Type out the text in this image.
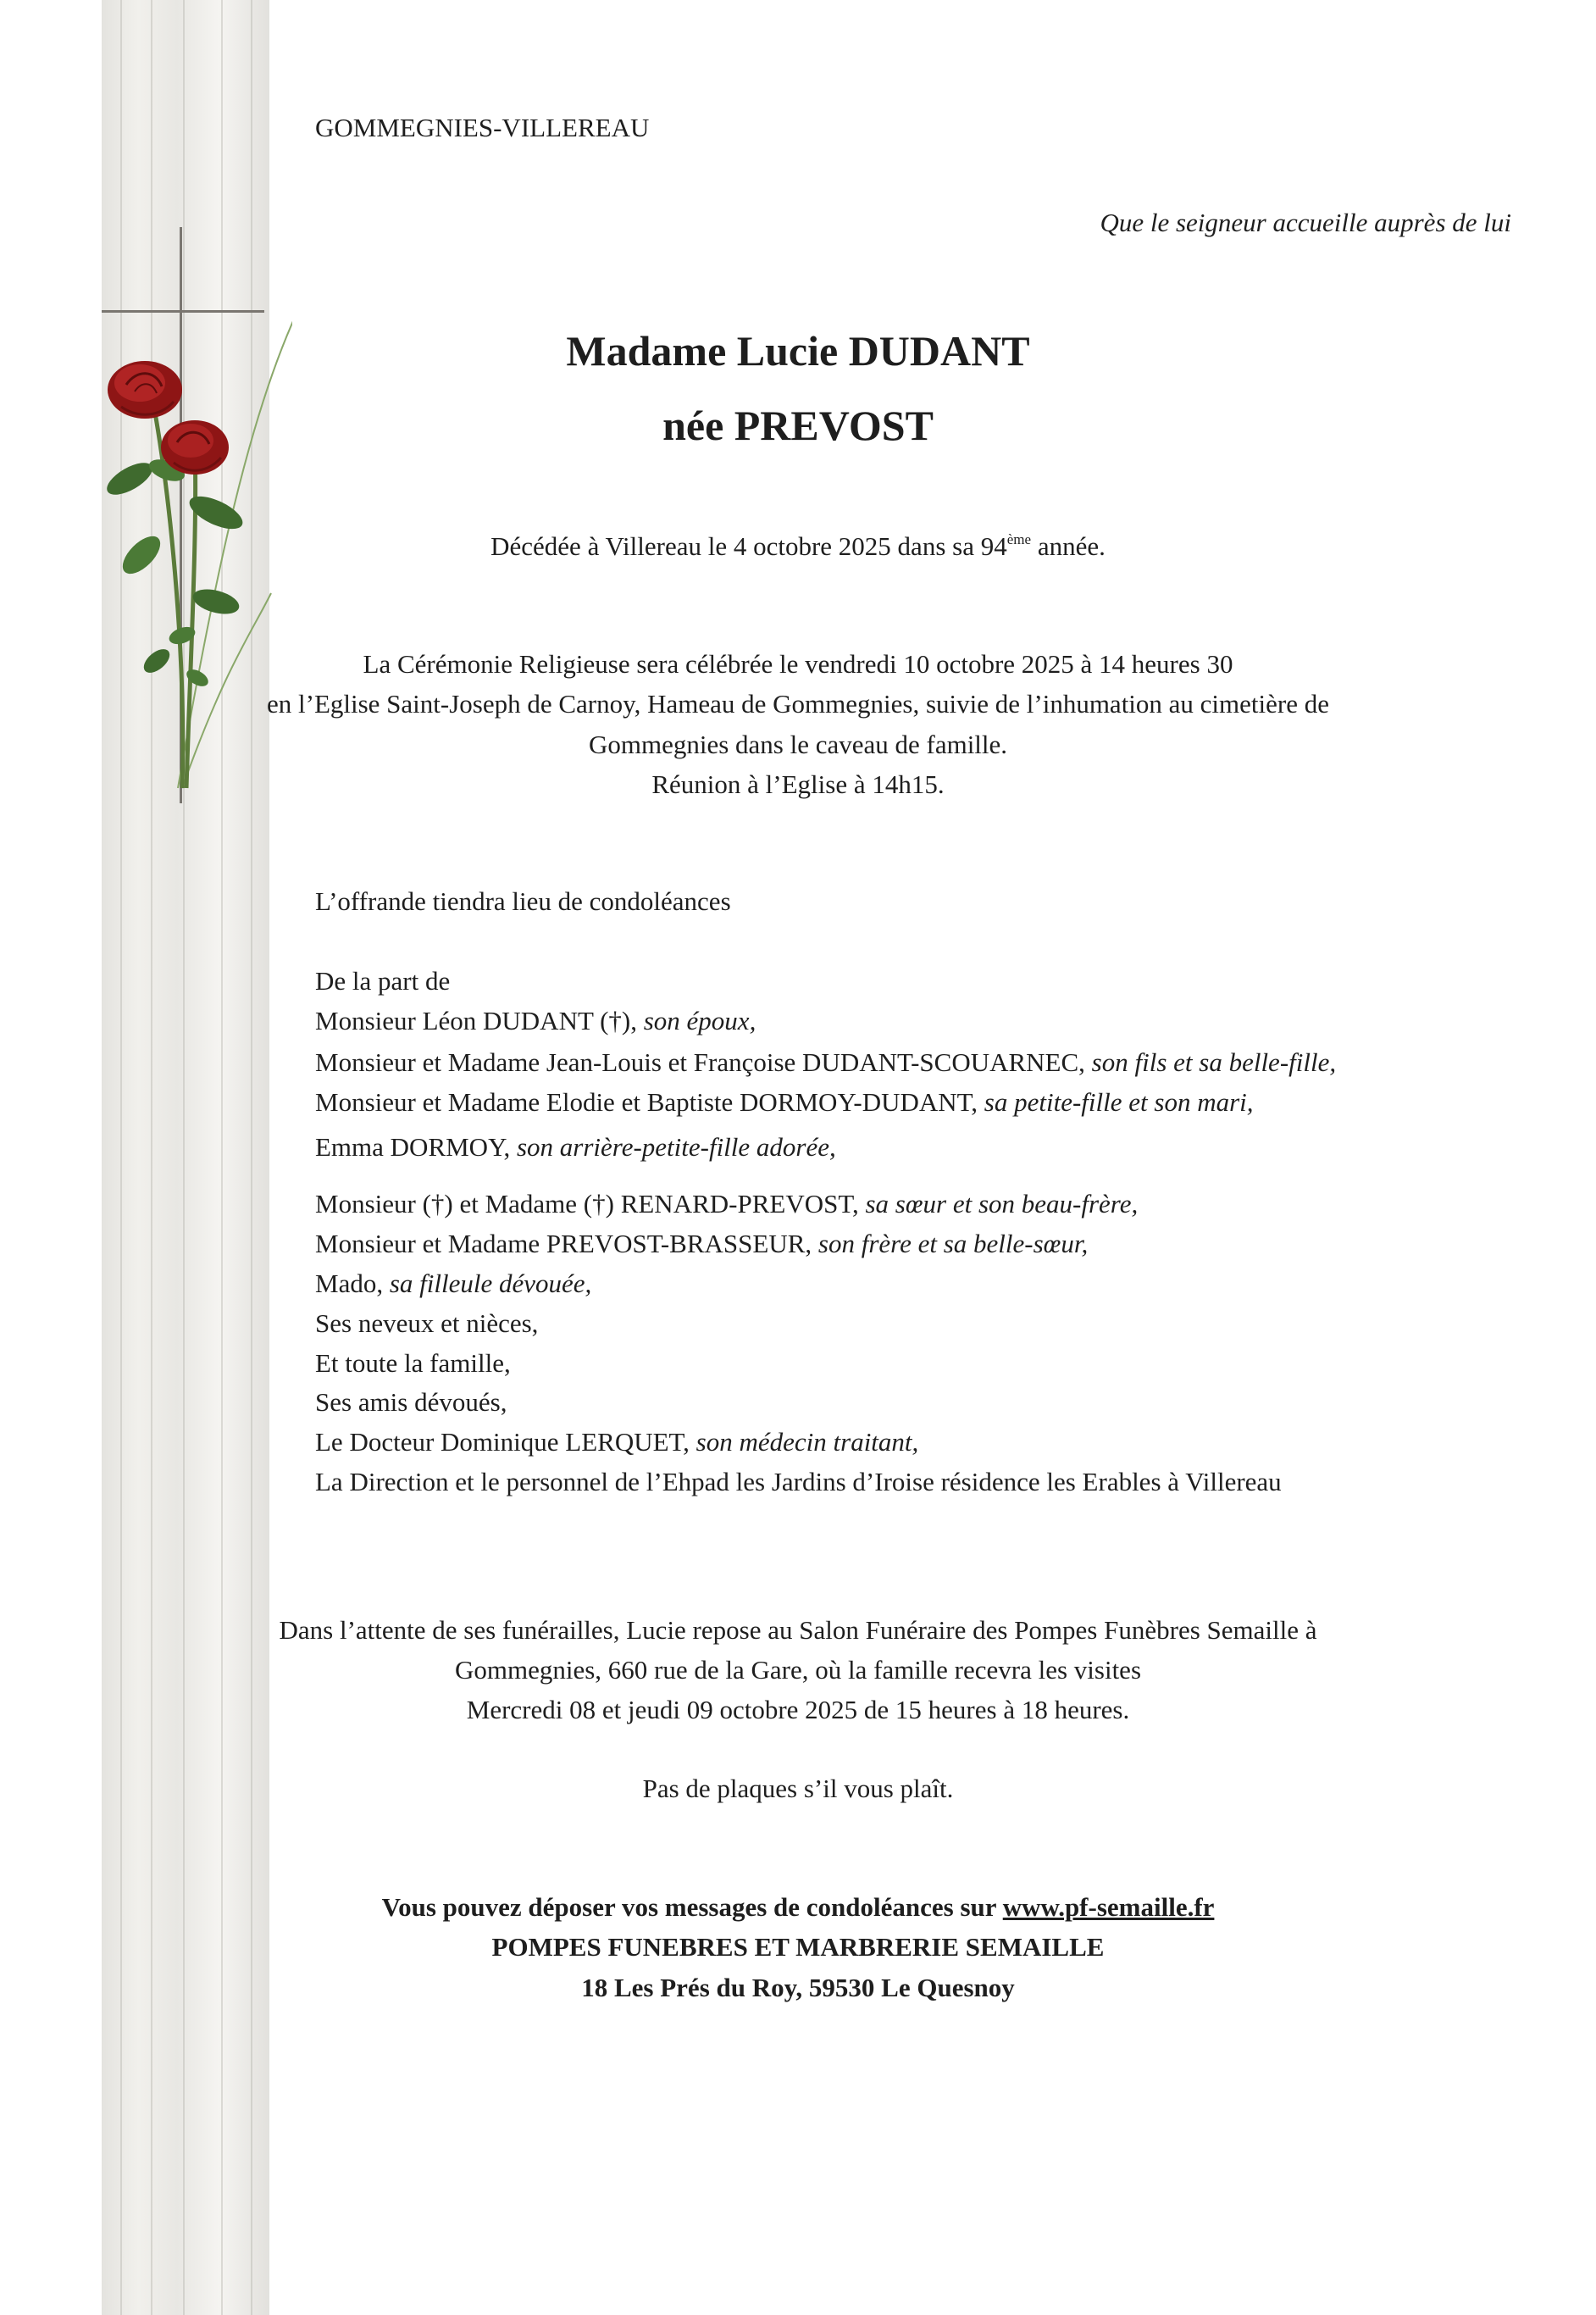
GOMMEGNIES-VILLEREAU
Que le seigneur accueille auprès de lui
Madame Lucie DUDANT
née PREVOST
Décédée à Villereau le 4 octobre 2025 dans sa 94ème année.
La Cérémonie Religieuse sera célébrée le vendredi 10 octobre 2025 à 14 heures 30
en l’Eglise Saint-Joseph de Carnoy, Hameau de Gommegnies, suivie de l’inhumation au cimetière de
Gommegnies dans le caveau de famille.
Réunion à l’Eglise à 14h15.
L’offrande tiendra lieu de condoléances
De la part de
Monsieur Léon DUDANT (†), son époux,
Monsieur et Madame Jean-Louis et Françoise DUDANT-SCOUARNEC, son fils et sa belle-fille,
Monsieur et Madame Elodie et Baptiste DORMOY-DUDANT, sa petite-fille et son mari,
Emma DORMOY, son arrière-petite-fille adorée,
Monsieur (†) et Madame (†) RENARD-PREVOST, sa sœur et son beau-frère,
Monsieur et Madame PREVOST-BRASSEUR, son frère et sa belle-sœur,
Mado, sa filleule dévouée,
Ses neveux et nièces,
Et toute la famille,
Ses amis dévoués,
Le Docteur Dominique LERQUET, son médecin traitant,
La Direction et le personnel de l’Ehpad les Jardins d’Iroise résidence les Erables à Villereau
Dans l’attente de ses funérailles, Lucie repose au Salon Funéraire des Pompes Funèbres Semaille à
Gommegnies, 660 rue de la Gare, où la famille recevra les visites
Mercredi 08 et jeudi 09 octobre 2025 de 15 heures à 18 heures.
Pas de plaques s’il vous plaît.
Vous pouvez déposer vos messages de condoléances sur www.pf-semaille.fr
POMPES FUNEBRES ET MARBRERIE SEMAILLE
18 Les Prés du Roy, 59530 Le Quesnoy
